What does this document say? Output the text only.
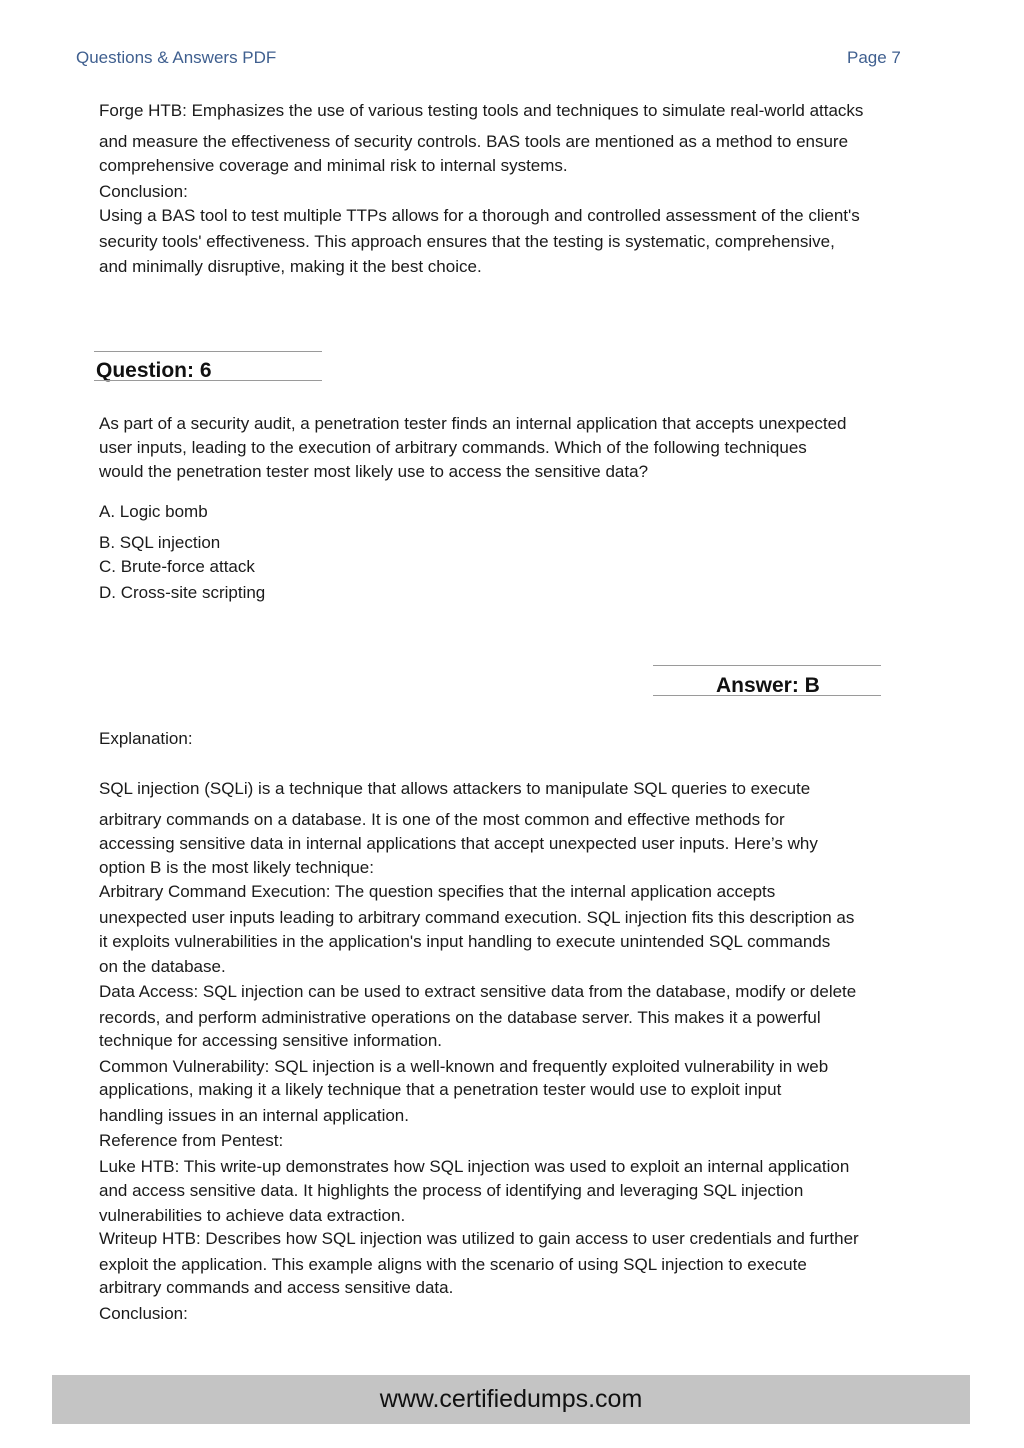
Questions & Answers PDF	Page 7
Forge HTB: Emphasizes the use of various testing tools and techniques to simulate real-world attacks
and measure the effectiveness of security controls. BAS tools are mentioned as a method to ensure
comprehensive coverage and minimal risk to internal systems.
Conclusion:
Using a BAS tool to test multiple TTPs allows for a thorough and controlled assessment of the client's
security tools' effectiveness. This approach ensures that the testing is systematic, comprehensive,
and minimally disruptive, making it the best choice.
Question: 6
As part of a security audit, a penetration tester finds an internal application that accepts unexpected
user inputs, leading to the execution of arbitrary commands. Which of the following techniques
would the penetration tester most likely use to access the sensitive data?
A. Logic bomb
B. SQL injection
C. Brute-force attack
D. Cross-site scripting
Answer: B
Explanation:
SQL injection (SQLi) is a technique that allows attackers to manipulate SQL queries to execute
arbitrary commands on a database. It is one of the most common and effective methods for
accessing sensitive data in internal applications that accept unexpected user inputs. Here’s why
option B is the most likely technique:
Arbitrary Command Execution: The question specifies that the internal application accepts
unexpected user inputs leading to arbitrary command execution. SQL injection fits this description as
it exploits vulnerabilities in the application's input handling to execute unintended SQL commands
on the database.
Data Access: SQL injection can be used to extract sensitive data from the database, modify or delete
records, and perform administrative operations on the database server. This makes it a powerful
technique for accessing sensitive information.
Common Vulnerability: SQL injection is a well-known and frequently exploited vulnerability in web
applications, making it a likely technique that a penetration tester would use to exploit input
handling issues in an internal application.
Reference from Pentest:
Luke HTB: This write-up demonstrates how SQL injection was used to exploit an internal application
and access sensitive data. It highlights the process of identifying and leveraging SQL injection
vulnerabilities to achieve data extraction.
Writeup HTB: Describes how SQL injection was utilized to gain access to user credentials and further
exploit the application. This example aligns with the scenario of using SQL injection to execute
arbitrary commands and access sensitive data.
Conclusion:
www.certifiedumps.com
